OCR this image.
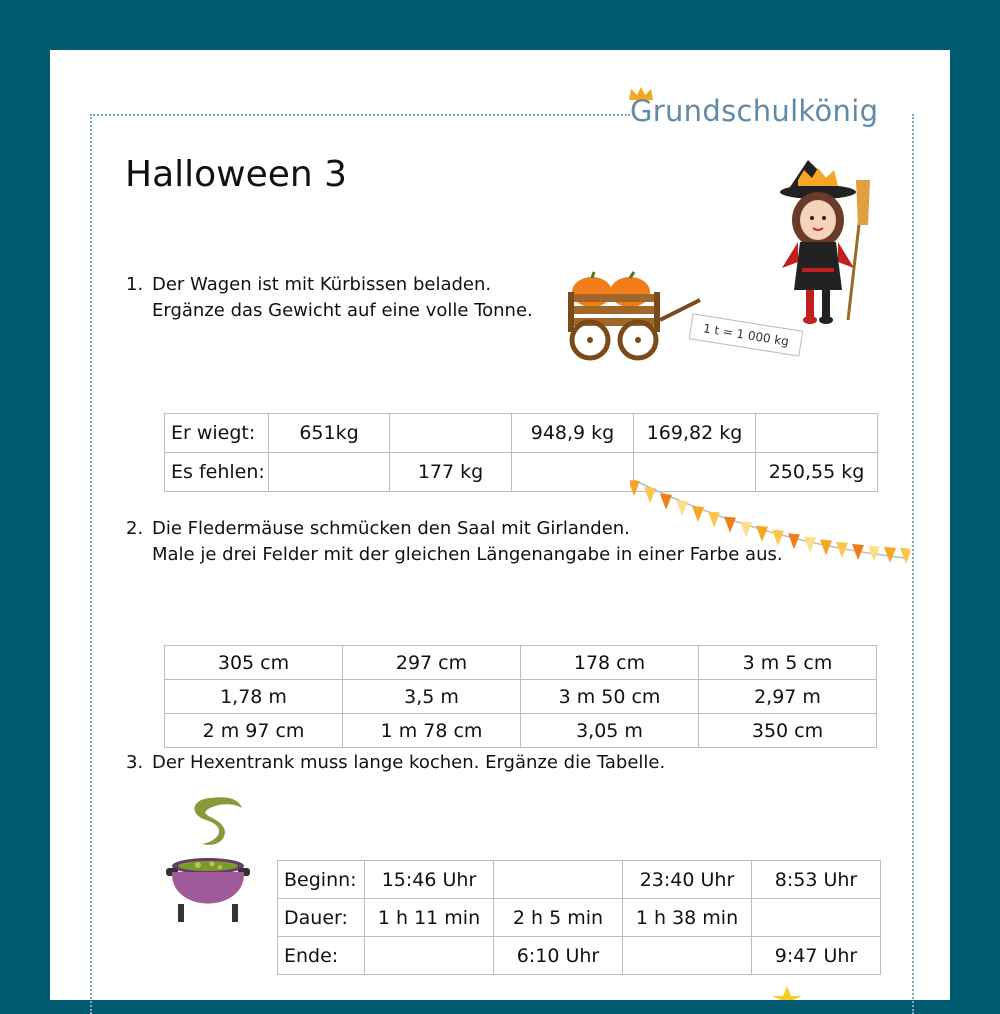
Grundschulkönig
Halloween 3
1. Der Wagen ist mit Kürbissen beladen.
Ergänze das Gewicht auf eine volle Tonne.
1 t = 1 000 kg
Er wiegt:	651kg		948,9 kg	169,82 kg	
Es fehlen:		177 kg			250,55 kg
2. Die Fledermäuse schmücken den Saal mit Girlanden.
Male je drei Felder mit der gleichen Längenangabe in einer Farbe aus.
305 cm	297 cm	178 cm	3 m 5 cm
1,78 m	3,5 m	3 m 50 cm	2,97 m
2 m 97 cm	1 m 78 cm	3,05 m	350 cm
3. Der Hexentrank muss lange kochen. Ergänze die Tabelle.
Beginn:	15:46 Uhr		23:40 Uhr	8:53 Uhr
Dauer:	1 h 11 min	2 h 5 min	1 h 38 min	
Ende:		6:10 Uhr		9:47 Uhr
